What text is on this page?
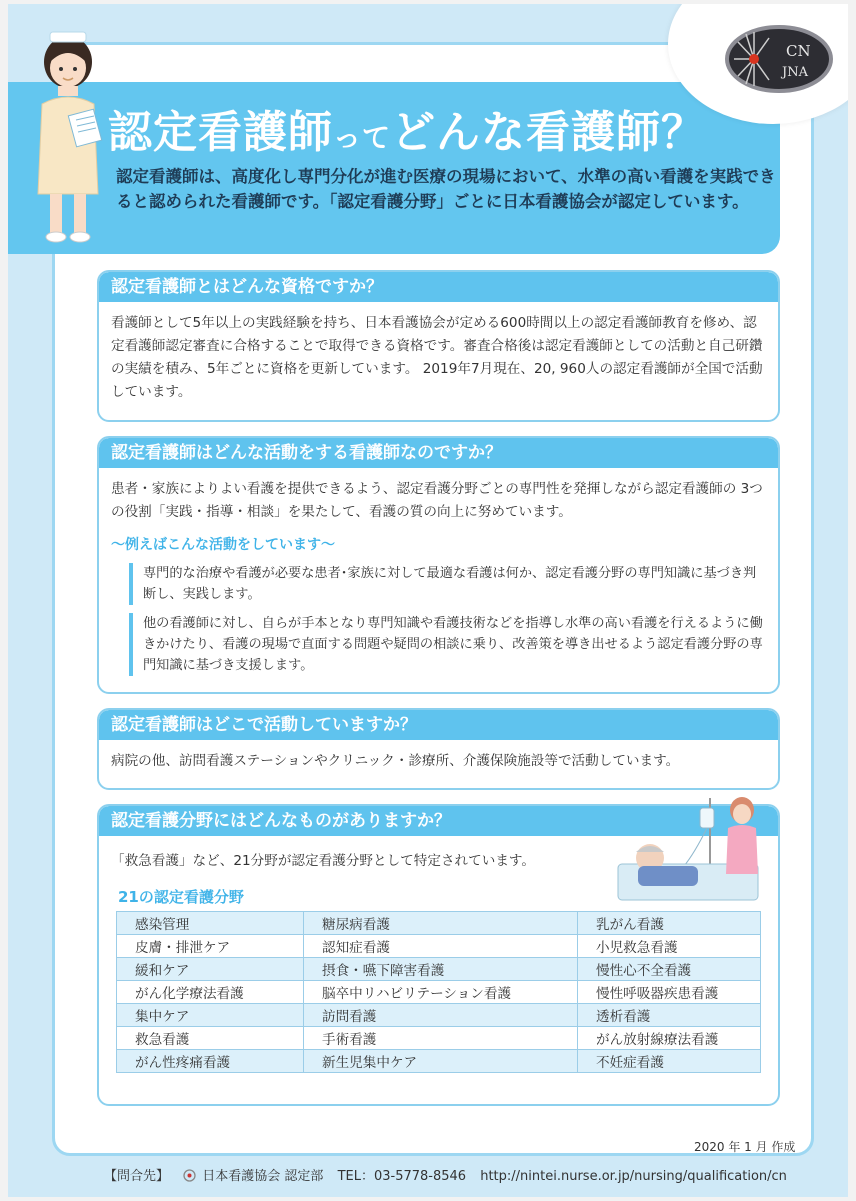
CN
JNA
認定看護師ってどんな看護師？
認定看護師は、高度化し専門分化が進む医療の現場において、水準の高い看護を実践できると認められた看護師です。「認定看護分野」ごとに日本看護協会が認定しています。
認定看護師とはどんな資格ですか？
看護師として5年以上の実践経験を持ち、日本看護協会が定める600時間以上の認定看護師教育を修め、認定看護師認定審査に合格することで取得できる資格です。審査合格後は認定看護師としての活動と自己研鑽の実績を積み、5年ごとに資格を更新しています。 2019年7月現在、20, 960人の認定看護師が全国で活動しています。
認定看護師はどんな活動をする看護師なのですか？
患者・家族によりよい看護を提供できるよう、認定看護分野ごとの専門性を発揮しながら認定看護師の 3つの役割「実践・指導・相談」を果たして、看護の質の向上に努めています。
〜例えばこんな活動をしています〜
専門的な治療や看護が必要な患者･家族に対して最適な看護は何か、認定看護分野の専門知識に基づき判断し、実践します。
他の看護師に対し、自らが手本となり専門知識や看護技術などを指導し水準の高い看護を行えるように働きかけたり、看護の現場で直面する問題や疑問の相談に乗り、改善策を導き出せるよう認定看護分野の専門知識に基づき支援します。
認定看護師はどこで活動していますか？
病院の他、訪問看護ステーションやクリニック・診療所、介護保険施設等で活動しています。
認定看護分野にはどんなものがありますか？
「救急看護」など、21分野が認定看護分野として特定されています。
21の認定看護分野
感染管理	糖尿病看護	乳がん看護
皮膚・排泄ケア	認知症看護	小児救急看護
緩和ケア	摂食・嚥下障害看護	慢性心不全看護
がん化学療法看護	脳卒中リハビリテーション看護	慢性呼吸器疾患看護
集中ケア	訪問看護	透析看護
救急看護	手術看護	がん放射線療法看護
がん性疼痛看護	新生児集中ケア	不妊症看護
2020 年 1 月 作成
【問合先】	日本看護協会 認定部 TEL：03-5778-8546 http://nintei.nurse.or.jp/nursing/qualification/cn
